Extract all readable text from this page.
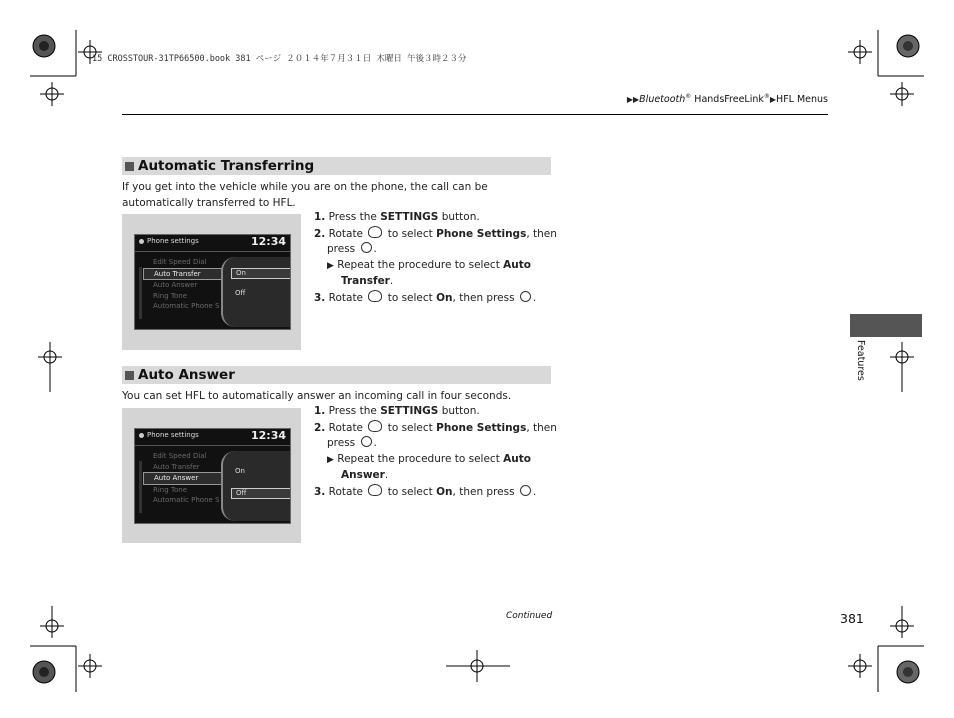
15 CROSSTOUR-31TP66500.book 381 ページ ２０１４年７月３１日 木曜日 午後３時２３分
▶▶Bluetooth® HandsFreeLink®▶HFL Menus
Automatic Transferring
If you get into the vehicle while you are on the phone, the call can be automatically transferred to HFL.
Phone settings	12:34
Edit Speed Dial
Auto Transfer
Auto Answer
Ring Tone
Automatic Phone S
On
Off
1. Press the SETTINGS button.
2. Rotate  to select Phone Settings, then
press .
▶ Repeat the procedure to select Auto
Transfer.
3. Rotate  to select On, then press .
Auto Answer
You can set HFL to automatically answer an incoming call in four seconds.
Phone settings	12:34
Edit Speed Dial
Auto Transfer
Auto Answer
Ring Tone
Automatic Phone S
On
Off
1. Press the SETTINGS button.
2. Rotate  to select Phone Settings, then
press .
▶ Repeat the procedure to select Auto
Answer.
3. Rotate  to select On, then press .
Features
Continued	381
